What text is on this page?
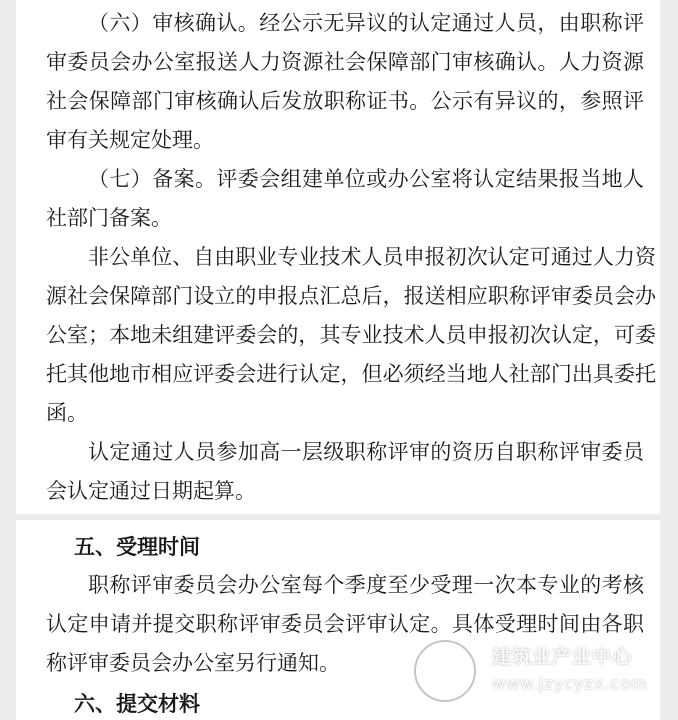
（六）审核确认。经公示无异议的认定通过人员，由职称评审委员会办公室报送人力资源社会保障部门审核确认。人力资源社会保障部门审核确认后发放职称证书。公示有异议的，参照评审有关规定处理。

（七）备案。评委会组建单位或办公室将认定结果报当地人社部门备案。

非公单位、自由职业专业技术人员申报初次认定可通过人力资源社会保障部门设立的申报点汇总后，报送相应职称评审委员会办公室；本地未组建评委会的，其专业技术人员申报初次认定，可委托其他地市相应评委会进行认定，但必须经当地人社部门出具委托函。

认定通过人员参加高一层级职称评审的资历自职称评审委员会认定通过日期起算。

五、受理时间

职称评审委员会办公室每个季度至少受理一次本专业的考核认定申请并提交职称评审委员会评审认定。具体受理时间由各职称评审委员会办公室另行通知。

六、提交材料
建筑业产业中心
www.jzycyzx.com
